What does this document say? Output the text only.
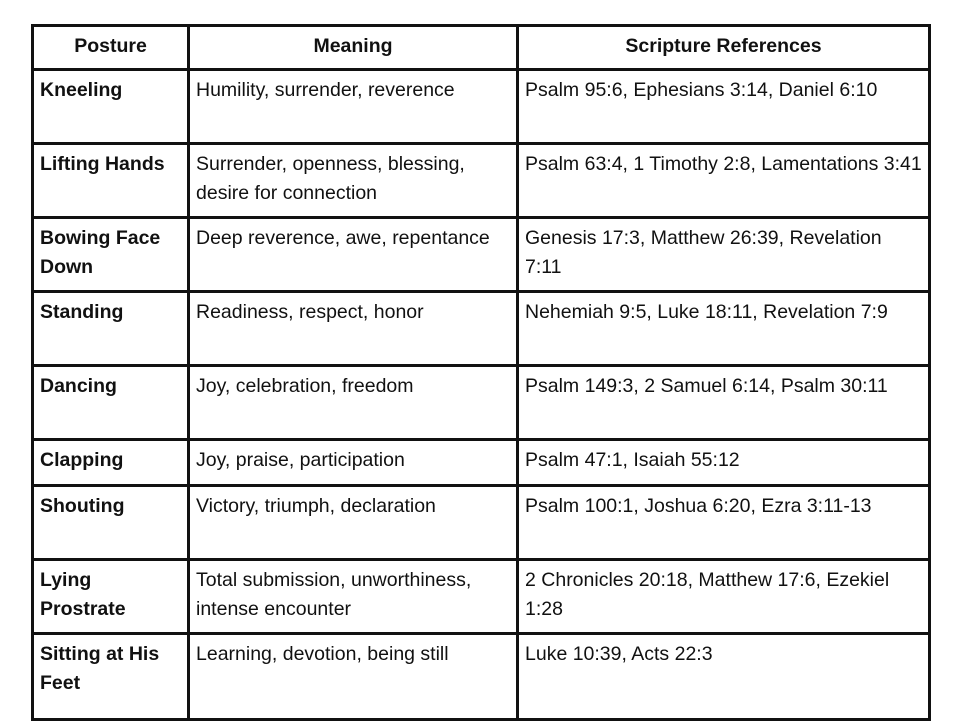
Posture	Meaning	Scripture References
Kneeling	Humility, surrender, reverence	Psalm 95:6, Ephesians 3:14, Daniel 6:10
Lifting Hands	Surrender, openness, blessing, desire for connection	Psalm 63:4, 1 Timothy 2:8, Lamentations 3:41
Bowing Face Down	Deep reverence, awe, repentance	Genesis 17:3, Matthew 26:39, Revelation 7:11
Standing	Readiness, respect, honor	Nehemiah 9:5, Luke 18:11, Revelation 7:9
Dancing	Joy, celebration, freedom	Psalm 149:3, 2 Samuel 6:14, Psalm 30:11
Clapping	Joy, praise, participation	Psalm 47:1, Isaiah 55:12
Shouting	Victory, triumph, declaration	Psalm 100:1, Joshua 6:20, Ezra 3:11-13
Lying Prostrate	Total submission, unworthiness, intense encounter	2 Chronicles 20:18, Matthew 17:6, Ezekiel 1:28
Sitting at His Feet	Learning, devotion, being still	Luke 10:39, Acts 22:3
